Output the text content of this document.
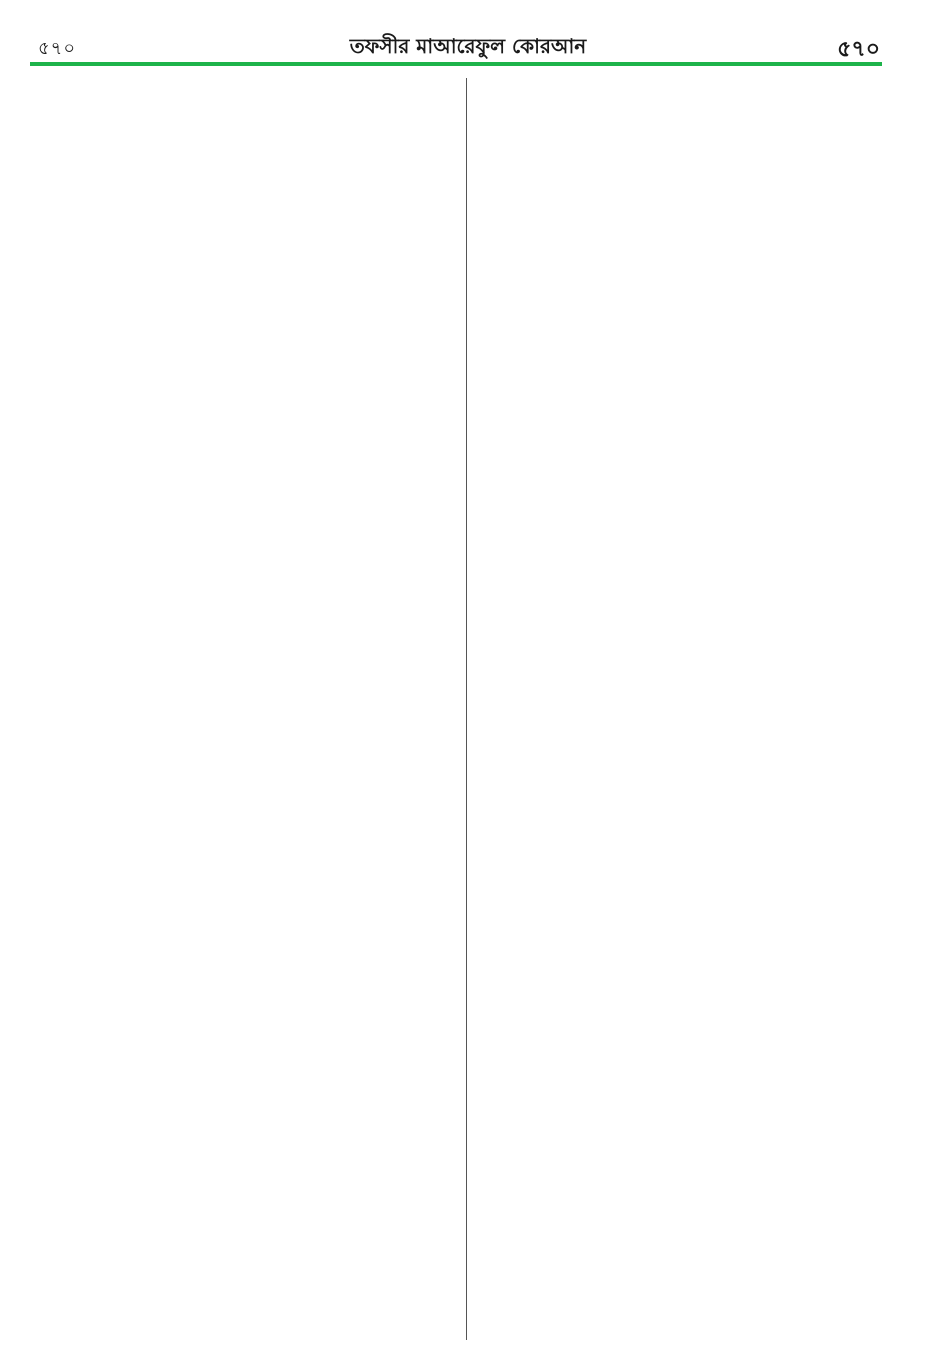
৫৭০	তফসীর মাআরেফুল কোরআন	৫৭০
